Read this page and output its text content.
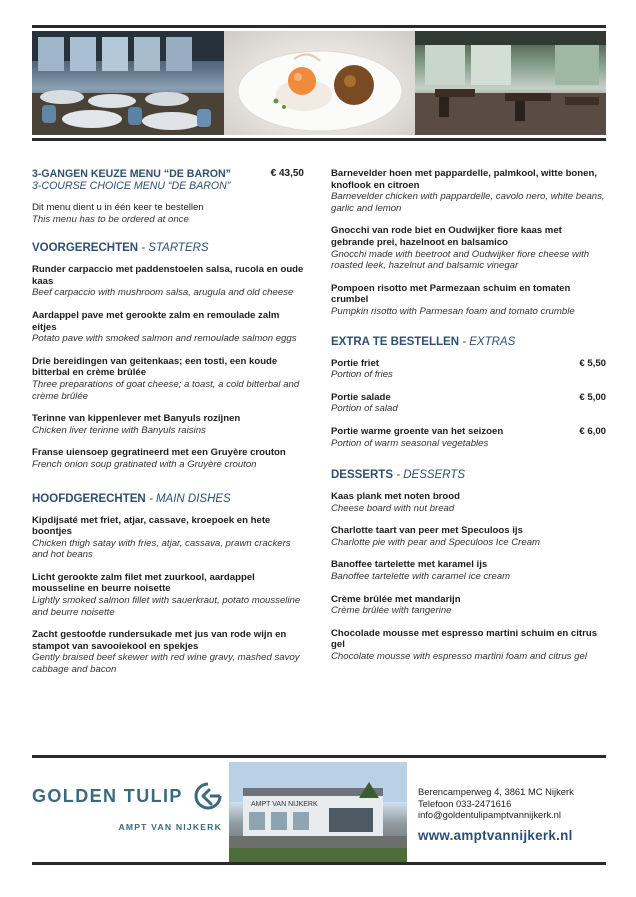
3-GANGEN KEUZE MENU “DE BARON”	€ 43,50
3-COURSE CHOICE MENU “DE BARON”
Dit menu dient u in één keer te bestellen
This menu has to be ordered at once
VOORGERECHTEN - STARTERS
Runder carpaccio met paddenstoelen salsa, rucola en oude kaas
Beef carpaccio with mushroom salsa, arugula and old cheese
Aardappel pave met gerookte zalm en remoulade zalm eitjes
Potato pave with smoked salmon and remoulade salmon eggs
Drie bereidingen van geitenkaas; een tosti, een koude bitterbal en crème brûlée
Three preparations of goat cheese; a toast, a cold bitterbal and crème brûlée
Terinne van kippenlever met Banyuls rozijnen
Chicken liver terinne with Banyuls raisins
Franse uiensoep gegratineerd met een Gruyère crouton
French onion soup gratinated with a Gruyère crouton
HOOFDGERECHTEN - MAIN DISHES
Kipdijsaté met friet, atjar, cassave, kroepoek en hete boontjes
Chicken thigh satay with fries, atjar, cassava, prawn crackers and hot beans
Licht gerookte zalm filet met zuurkool, aardappel mousseline en beurre noisette
Lightly smoked salmon fillet with sauerkraut, potato mousseline and beurre noisette
Zacht gestoofde rundersukade met jus van rode wijn en stampot van savooiekool en spekjes
Gently braised beef skewer with red wine gravy, mashed savoy cabbage and bacon
Barnevelder hoen met pappardelle, palmkool, witte bonen, knoflook en citroen
Barnevelder chicken with pappardelle, cavolo nero, white beans, garlic and lemon
Gnocchi van rode biet en Oudwijker fiore kaas met gebrande prei, hazelnoot en balsamico
Gnocchi made with beetroot and Oudwijker fiore cheese with roasted leek, hazelnut and balsamic vinegar
Pompoen risotto met Parmezaan schuim en tomaten crumbel
Pumpkin risotto with Parmesan foam and tomato crumble
EXTRA TE BESTELLEN - EXTRAS
Portie friet
Portion of fries
€ 5,50
Portie salade
Portion of salad
€ 5,00
Portie warme groente van het seizoen
Portion of warm seasonal vegetables
€ 6,00
DESSERTS - DESSERTS
Kaas plank met noten brood
Cheese board with nut bread
Charlotte taart van peer met Speculoos ijs
Charlotte pie with pear and Speculoos Ice Cream
Banoffee tartelette met karamel ijs
Banoffee tartelette with caramel ice cream
Crème brûlée met mandarijn
Crème brûlée with tangerine
Chocolade mousse met espresso martini schuim en citrus gel
Chocolate mousse with espresso martini foam and citrus gel
GOLDEN TULIP
AMPT VAN NIJKERK
AMPT VAN NIJKERK
Berencamperweg 4, 3861 MC Nijkerk
Telefoon 033-2471616
info@goldentulipamptvannijkerk.nl
www.amptvannijkerk.nl
